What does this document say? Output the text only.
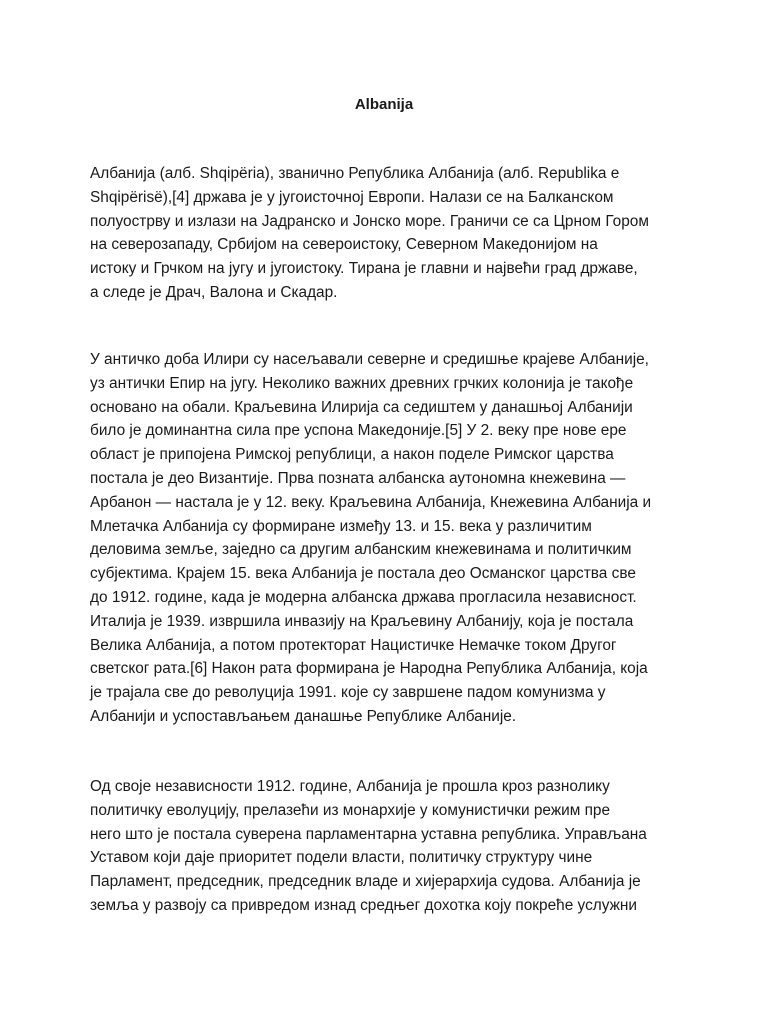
Albanija
Албанија (алб. Shqipëria), званично Република Албанија (алб. Republika e
Shqipërisë),[4] држава је у југоисточној Европи. Налази се на Балканском
полуострву и излази на Јадранско и Јонско море. Граничи се са Црном Гором
на северозападу, Србијом на североистоку, Северном Македонијом на
истоку и Грчком на југу и југоистоку. Тирана је главни и највећи град државе,
а следе је Драч, Валона и Скадар.
У античко доба Илири су насељавали северне и средишње крајеве Албаније,
уз антички Епир на југу. Неколико важних древних грчких колонија је такође
основано на обали. Краљевина Илирија са седиштем у данашњој Албанији
било је доминантна сила пре успона Македоније.[5] У 2. веку пре нове ере
област је припојена Римској републици, а након поделе Римског царства
постала је део Византије. Прва позната албанска аутономна кнежевина —
Арбанон — настала је у 12. веку. Краљевина Албанија, Кнежевина Албанија и
Млетачка Албанија су формиране између 13. и 15. века у различитим
деловима земље, заједно са другим албанским кнежевинама и политичким
субјектима. Крајем 15. века Албанија је постала део Османског царства све
до 1912. године, када је модерна албанска држава прогласила независност.
Италија је 1939. извршила инвазију на Краљевину Албанију, која је постала
Велика Албанија, а потом протекторат Нацистичке Немачке током Другог
светског рата.[6] Након рата формирана је Народна Република Албанија, која
је трајала све до револуција 1991. које су завршене падом комунизма у
Албанији и успостављањем данашње Републике Албаније.
Од своје независности 1912. године, Албанија је прошла кроз разнолику
политичку еволуцију, прелазећи из монархије у комунистички режим пре
него што је постала суверена парламентарна уставна република. Управљана
Уставом који даје приоритет подели власти, политичку структуру чине
Парламент, председник, председник владе и хијерархија судова. Албанија је
земља у развоју са привредом изнад средњег дохотка коју покреће услужни
